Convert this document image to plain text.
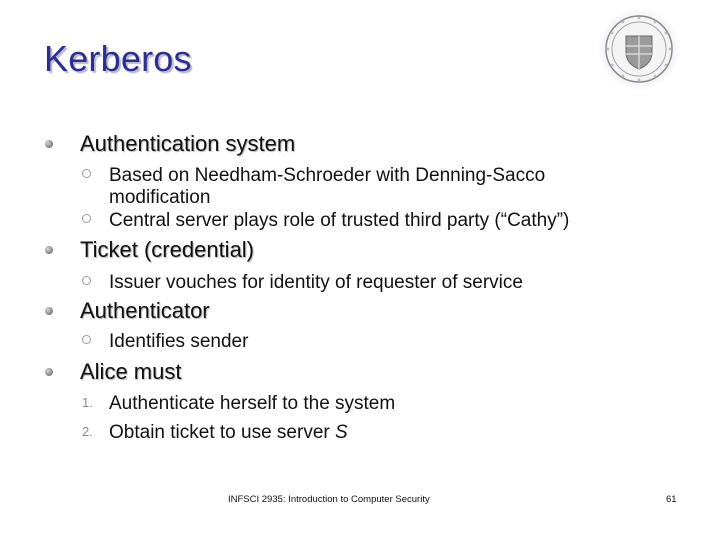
Kerberos
Authentication system
Based on Needham-Schroeder with Denning-Sacco modification
Central server plays role of trusted third party (“Cathy”)
Ticket (credential)
Issuer vouches for identity of requester of service
Authenticator
Identifies sender
Alice must
1. Authenticate herself to the system
2. Obtain ticket to use server S
INFSCI 2935: Introduction to Computer Security	61
